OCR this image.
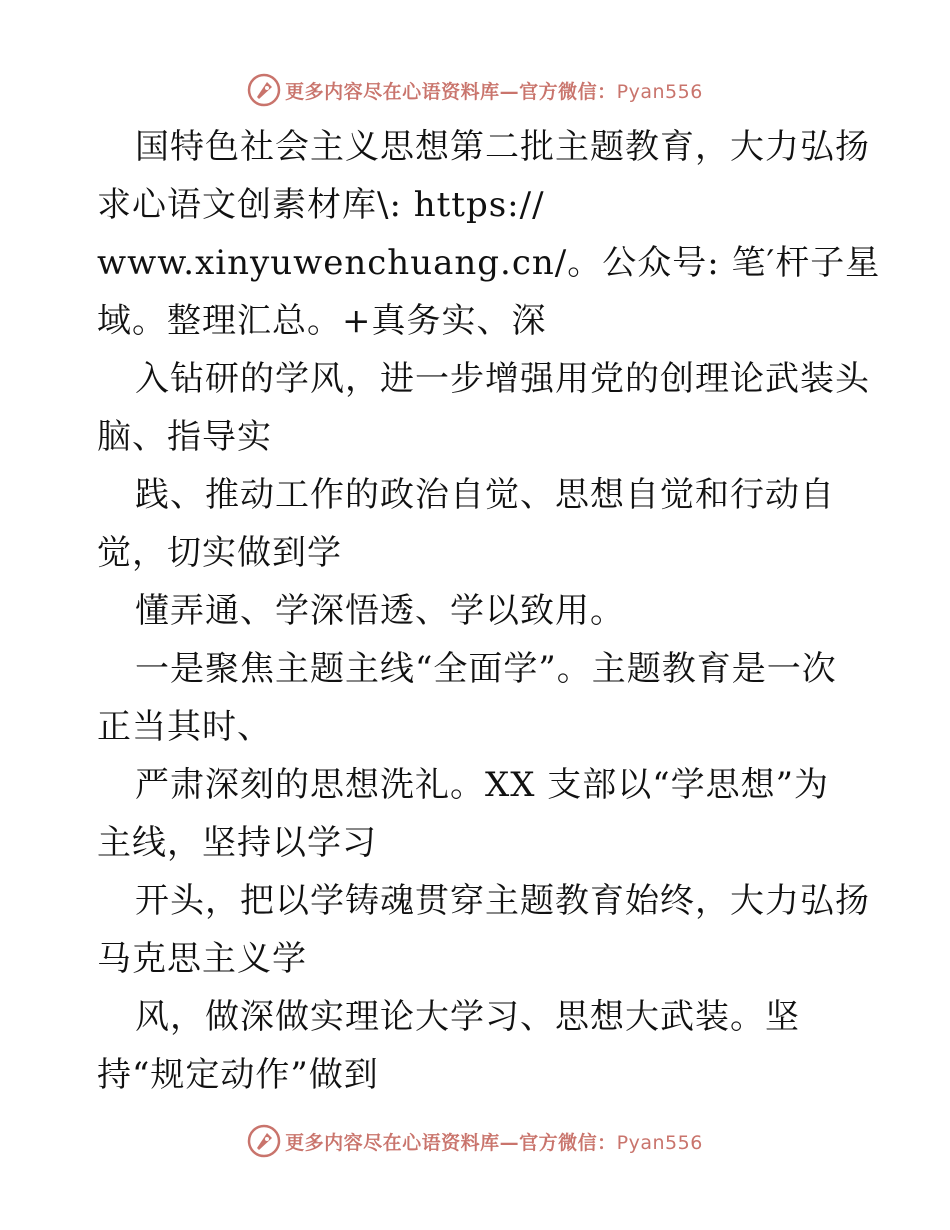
更多内容尽在心语资料库—官方微信：Pyan556
国特色社会主义思想第二批主题教育，大力弘扬
求心语文创素材库\: https://
www.xinyuwenchuang.cn/。公众号: 笔′杆子星
域。整理汇总。+真务实、深
入钻研的学风，进一步增强用党的创理论武装头
脑、指导实
践、推动工作的政治自觉、思想自觉和行动自
觉，切实做到学
懂弄通、学深悟透、学以致用。
一是聚焦主题主线“全面学”。主题教育是一次
正当其时、
严肃深刻的思想洗礼。XX 支部以“学思想”为
主线，坚持以学习
开头，把以学铸魂贯穿主题教育始终，大力弘扬
马克思主义学
风，做深做实理论大学习、思想大武装。坚
持“规定动作”做到
更多内容尽在心语资料库—官方微信：Pyan556
